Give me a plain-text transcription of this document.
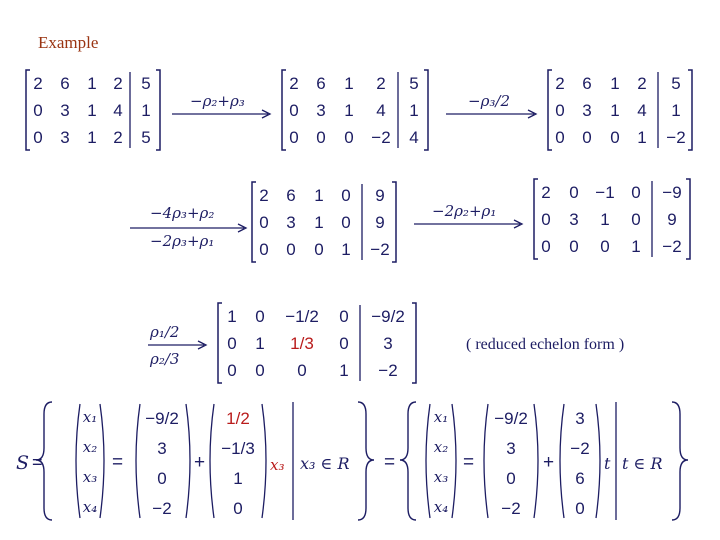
Example
2 6 1 2 5
0 3 1 4 1
0 3 1 2 5
−ρ₂+ρ₃
2 6 1 2 5
0 3 1 4 1
0 0 0 −2 4
−ρ₃/2
2 6 1 2 5
0 3 1 4 1
0 0 0 1 −2
−4ρ₃+ρ₂
−2ρ₃+ρ₁
2 6 1 0 9
0 3 1 0 9
0 0 0 1 −2
−2ρ₂+ρ₁
2 0 −1 0 −9
0 3 1 0 9
0 0 0 1 −2
ρ₁/2
ρ₂/3
1 0 −1/2 0 −9/2
0 1 1/3 0 3
0 0 0 1 −2
( reduced echelon form )
S =
x₁
x₂
x₃
x₄
=
−9/2
3
0
−2
+
1/2
−1/3
1
0
x₃ x₃ ∈ R =
x₁
x₂
x₃
x₄
=
−9/2
3
0
−2
+
3
−2
6
0
t t ∈ R
